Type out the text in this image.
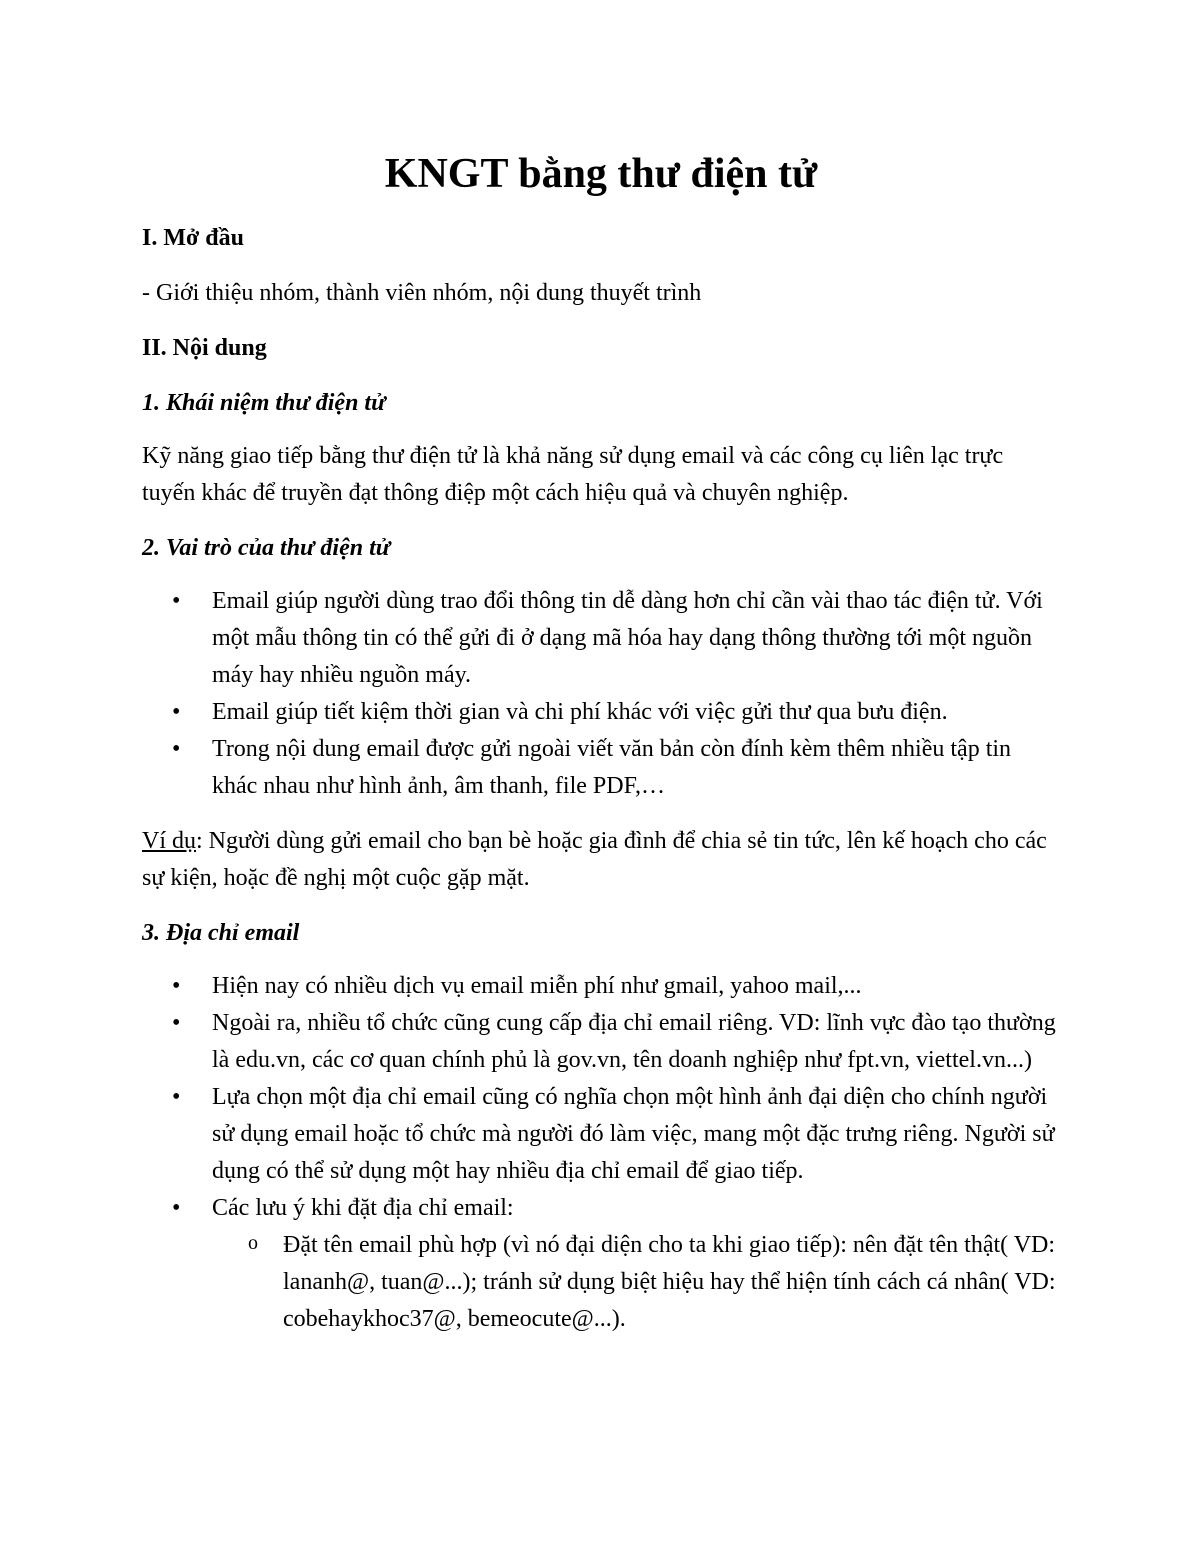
KNGT bằng thư điện tử
I. Mở đầu

- Giới thiệu nhóm, thành viên nhóm, nội dung thuyết trình

II. Nội dung
1. Khái niệm thư điện tử

Kỹ năng giao tiếp bằng thư điện tử là khả năng sử dụng email và các công cụ liên lạc trực tuyến khác để truyền đạt thông điệp một cách hiệu quả và chuyên nghiệp.

2. Vai trò của thư điện tử
• Email giúp người dùng trao đổi thông tin dễ dàng hơn chỉ cần vài thao tác điện tử. Với một mẫu thông tin có thể gửi đi ở dạng mã hóa hay dạng thông thường tới một nguồn máy hay nhiều nguồn máy.
• Email giúp tiết kiệm thời gian và chi phí khác với việc gửi thư qua bưu điện.
• Trong nội dung email được gửi ngoài viết văn bản còn đính kèm thêm nhiều tập tin khác nhau như hình ảnh, âm thanh, file PDF,…

Ví dụ: Người dùng gửi email cho bạn bè hoặc gia đình để chia sẻ tin tức, lên kế hoạch cho các sự kiện, hoặc đề nghị một cuộc gặp mặt.

3. Địa chỉ email
• Hiện nay có nhiều dịch vụ email miễn phí như gmail, yahoo mail,...
• Ngoài ra, nhiều tổ chức cũng cung cấp địa chỉ email riêng. VD: lĩnh vực đào tạo thường là edu.vn, các cơ quan chính phủ là gov.vn, tên doanh nghiệp như fpt.vn, viettel.vn...)
• Lựa chọn một địa chỉ email cũng có nghĩa chọn một hình ảnh đại diện cho chính người sử dụng email hoặc tổ chức mà người đó làm việc, mang một đặc trưng riêng. Người sử dụng có thể sử dụng một hay nhiều địa chỉ email để giao tiếp.
• Các lưu ý khi đặt địa chỉ email:
o Đặt tên email phù hợp (vì nó đại diện cho ta khi giao tiếp): nên đặt tên thật( VD: lananh@, tuan@...); tránh sử dụng biệt hiệu hay thể hiện tính cách cá nhân( VD: cobehaykhoc37@, bemeocute@...).
